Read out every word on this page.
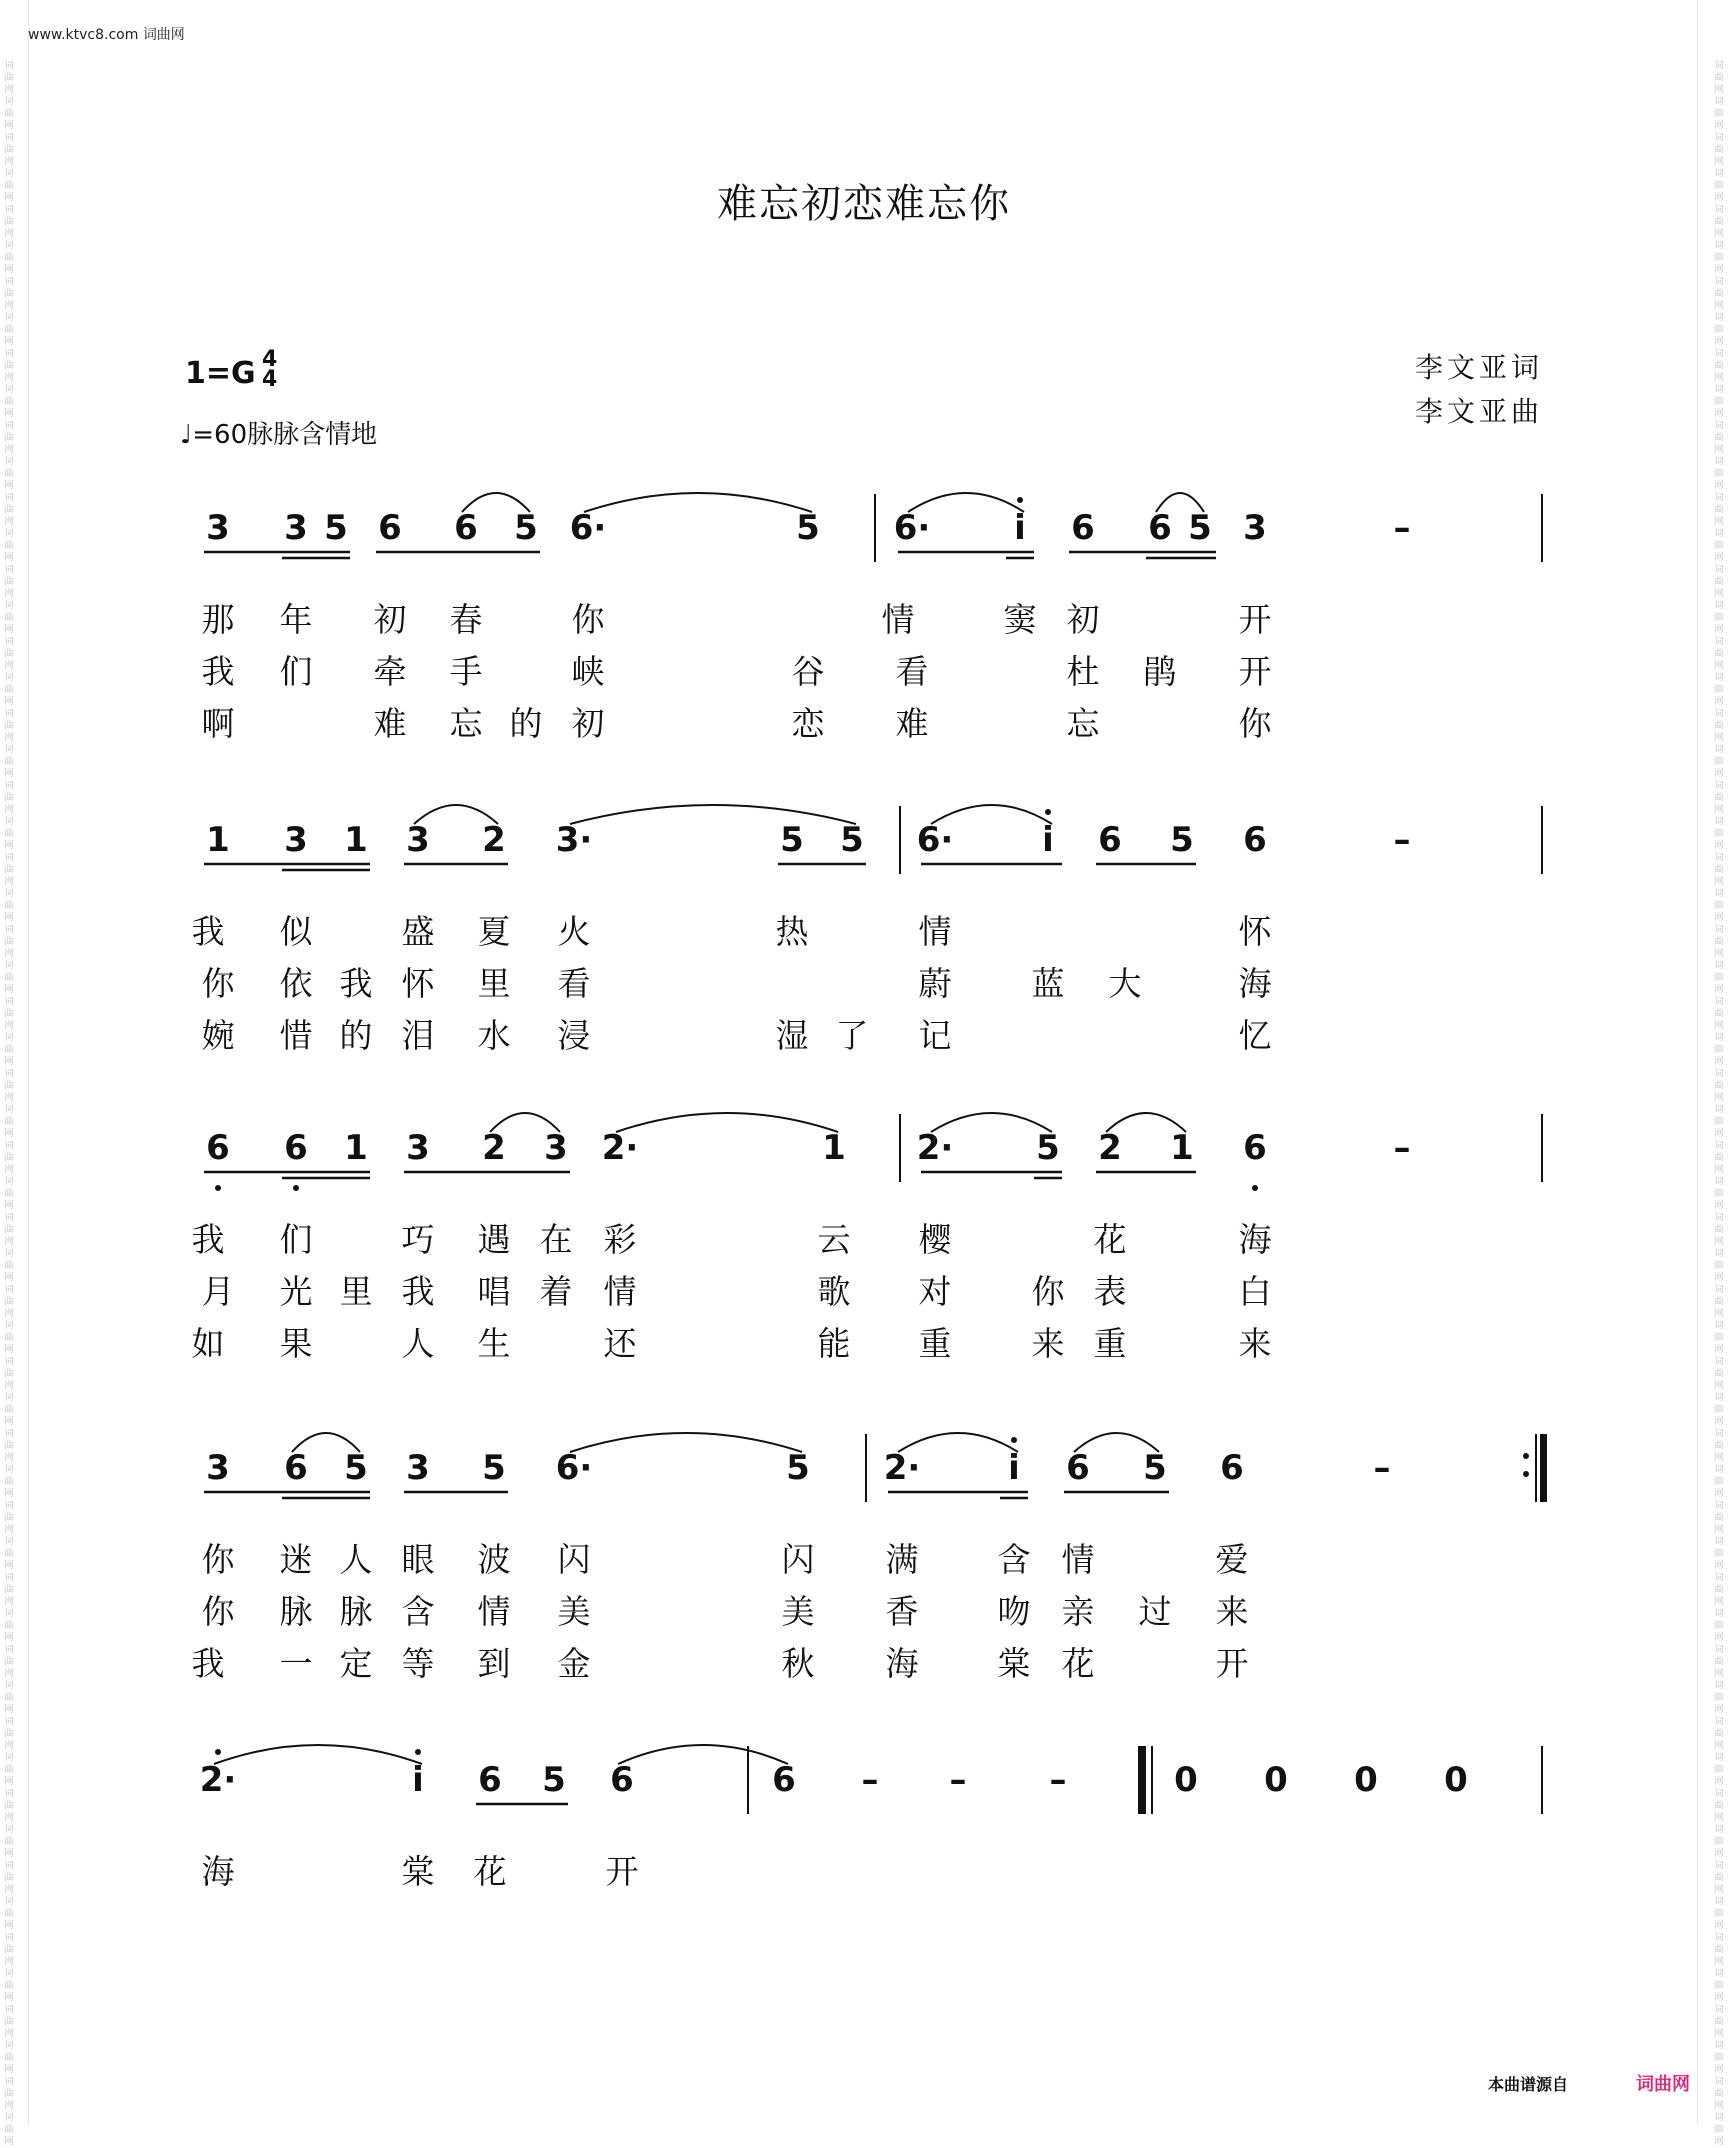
词曲网词曲网词曲网词曲网词曲网词曲网词曲网词曲网词曲网词曲网词曲网词曲网词曲网词曲网词曲网词曲网词曲网词曲网词曲网词曲网词曲网词曲网词曲网词曲网词曲网词曲网词曲网词曲网词曲网词曲网词曲网词曲网词曲网词曲网词曲网词曲网词曲网词曲网词曲网词曲网词曲网词曲网词曲网词曲网词曲网词曲网词曲网词曲网词曲网词曲网词曲网词曲网词曲网词曲网词曲网词曲网词曲网词曲网
词曲网词曲网词曲网词曲网词曲网词曲网词曲网词曲网词曲网词曲网词曲网词曲网词曲网词曲网词曲网词曲网词曲网词曲网词曲网词曲网词曲网词曲网词曲网词曲网词曲网词曲网词曲网词曲网词曲网词曲网词曲网词曲网词曲网词曲网词曲网词曲网词曲网词曲网词曲网词曲网词曲网词曲网词曲网词曲网词曲网词曲网词曲网词曲网词曲网词曲网词曲网词曲网词曲网词曲网词曲网词曲网词曲网词曲网
www.ktvc8.com 词曲网
难忘初恋难忘你
1=G 4
4
♩=60脉脉含情地
李文亚词
李文亚曲
3 3 5 6 6 5 6·	5 6·	i	6 6 5 3	–
那 年 初 春	你	情	窦 初	开
我 们 牵 手	峡	谷 看	杜 鹃 开
啊	难 忘 的 初	恋 难	忘	你
1 3 1 3 2 3·	5 5 6·	i	6 5 6	–
我 似	盛 夏 火	热	情	怀
你 依 我 怀 里 看	蔚 蓝 大	海
婉 惜 的 泪 水 浸	湿 了 记	忆
6 6 1 3 2 3 2·	1 2· 5 2 1 6	–
我 们	巧 遇 在 彩	云 樱	花	海
月 光 里 我 唱 着 情	歌 对 你 表	白
如 果	人 生	还	能 重 来 重	来
3 6 5 3 5 6·	5 2·	i	6 5 6	–
你 迷 人 眼 波 闪	闪 满 含 情	爱
你 脉 脉 含 情 美	美 香 吻 亲 过 来
我 一 定 等 到 金	秋 海 棠 花	开
2·	i	6 5 6	6	–	–	–	0 0 0 0
海	棠 花	开
本曲谱源自	词曲网
